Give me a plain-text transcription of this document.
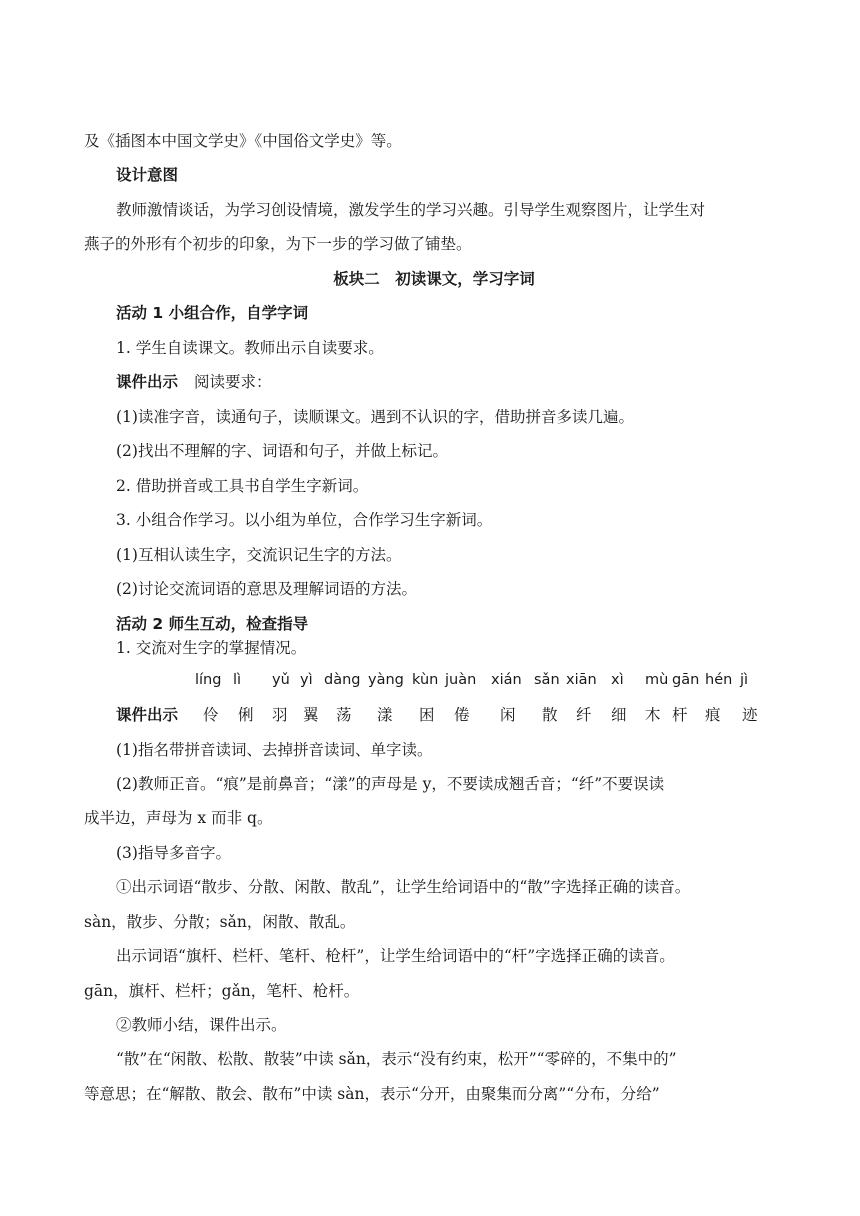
及《插图本中国文学史》《中国俗文学史》等。
设计意图
教师激情谈话，为学习创设情境，激发学生的学习兴趣。引导学生观察图片，让学生对
燕子的外形有个初步的印象，为下一步的学习做了铺垫。
板块二　初读课文，学习字词
活动 1 小组合作，自学字词
1. 学生自读课文。教师出示自读要求。
课件出示 阅读要求：
(1)读准字音，读通句子，读顺课文。遇到不认识的字，借助拼音多读几遍。
(2)找出不理解的字、词语和句子，并做上标记。
2. 借助拼音或工具书自学生字新词。
3. 小组合作学习。以小组为单位，合作学习生字新词。
(1)互相认读生字，交流识记生字的方法。
(2)讨论交流词语的意思及理解词语的方法。
活动 2 师生互动，检查指导
1. 交流对生字的掌握情况。
líng lì yǔ yì dàng yàng kùn juàn xián sǎn xiān xì mù gān hén jì
课件出示 伶 俐 羽 翼 荡 漾 困 倦 闲 散 纤 细 木 杆 痕 迹
(1)指名带拼音读词、去掉拼音读词、单字读。
(2)教师正音。“痕”是前鼻音；“漾”的声母是 y，不要读成翘舌音；“纤”不要误读
成半边，声母为 x 而非 q。
(3)指导多音字。
①出示词语“散步、分散、闲散、散乱”，让学生给词语中的“散”字选择正确的读音。
sàn，散步、分散；sǎn，闲散、散乱。
出示词语“旗杆、栏杆、笔杆、枪杆”，让学生给词语中的“杆”字选择正确的读音。
gān，旗杆、栏杆；gǎn，笔杆、枪杆。
②教师小结，课件出示。
“散”在“闲散、松散、散装”中读 sǎn，表示“没有约束，松开”“零碎的，不集中的”
等意思；在“解散、散会、散布”中读 sàn，表示“分开，由聚集而分离”“分布，分给”
